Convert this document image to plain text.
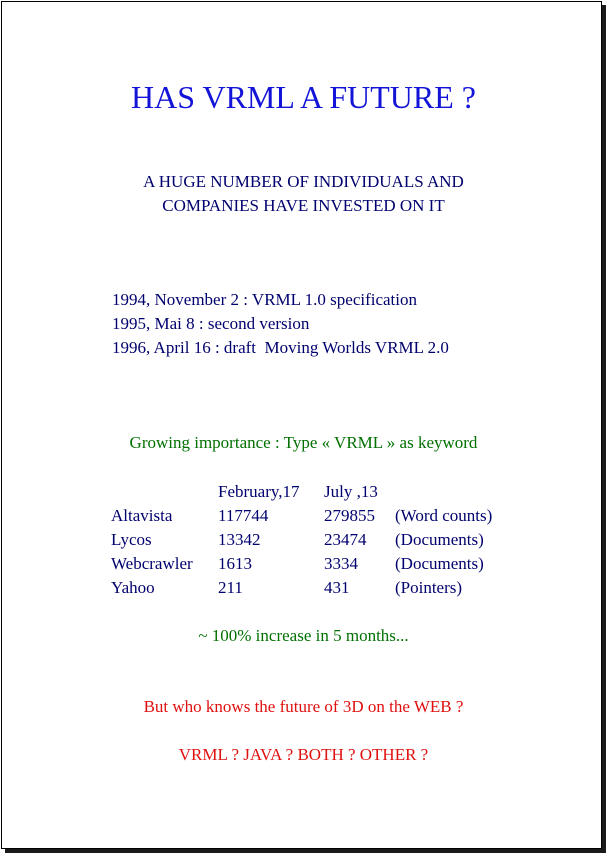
HAS VRML A FUTURE ?
A HUGE NUMBER OF INDIVIDUALS AND
COMPANIES HAVE INVESTED ON IT
1994, November 2 : VRML 1.0 specification
1995, Mai 8 : second version
1996, April 16 : draft  Moving Worlds VRML 2.0
Growing importance : Type « VRML » as keyword
	February,17	July ,13	
Altavista	117744	279855	(Word counts)
Lycos	13342	23474	(Documents)
Webcrawler	1613	3334	(Documents)
Yahoo	211	431	(Pointers)
~ 100% increase in 5 months...
But who knows the future of 3D on the WEB ?
VRML ? JAVA ? BOTH ? OTHER ?
